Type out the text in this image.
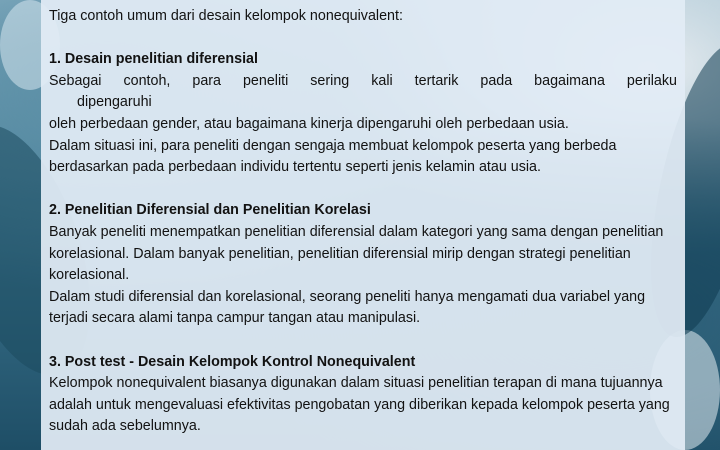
Tiga contoh umum dari desain kelompok nonequivalent:

1. Desain penelitian diferensial

Sebagai contoh, para peneliti sering kali tertarik pada bagaimana perilaku

dipengaruhi

oleh perbedaan gender, atau bagaimana kinerja dipengaruhi oleh perbedaan usia.

Dalam situasi ini, para peneliti dengan sengaja membuat kelompok peserta yang berbeda berdasarkan pada perbedaan individu tertentu seperti jenis kelamin atau usia.

2. Penelitian Diferensial dan Penelitian Korelasi

Banyak peneliti menempatkan penelitian diferensial dalam kategori yang sama dengan penelitian korelasional. Dalam banyak penelitian, penelitian diferensial mirip dengan strategi penelitian korelasional.

Dalam studi diferensial dan korelasional, seorang peneliti hanya mengamati dua variabel yang terjadi secara alami tanpa campur tangan atau manipulasi.

3. Post test - Desain Kelompok Kontrol Nonequivalent

Kelompok nonequivalent biasanya digunakan dalam situasi penelitian terapan di mana tujuannya adalah untuk mengevaluasi efektivitas pengobatan yang diberikan kepada kelompok peserta yang sudah ada sebelumnya.
